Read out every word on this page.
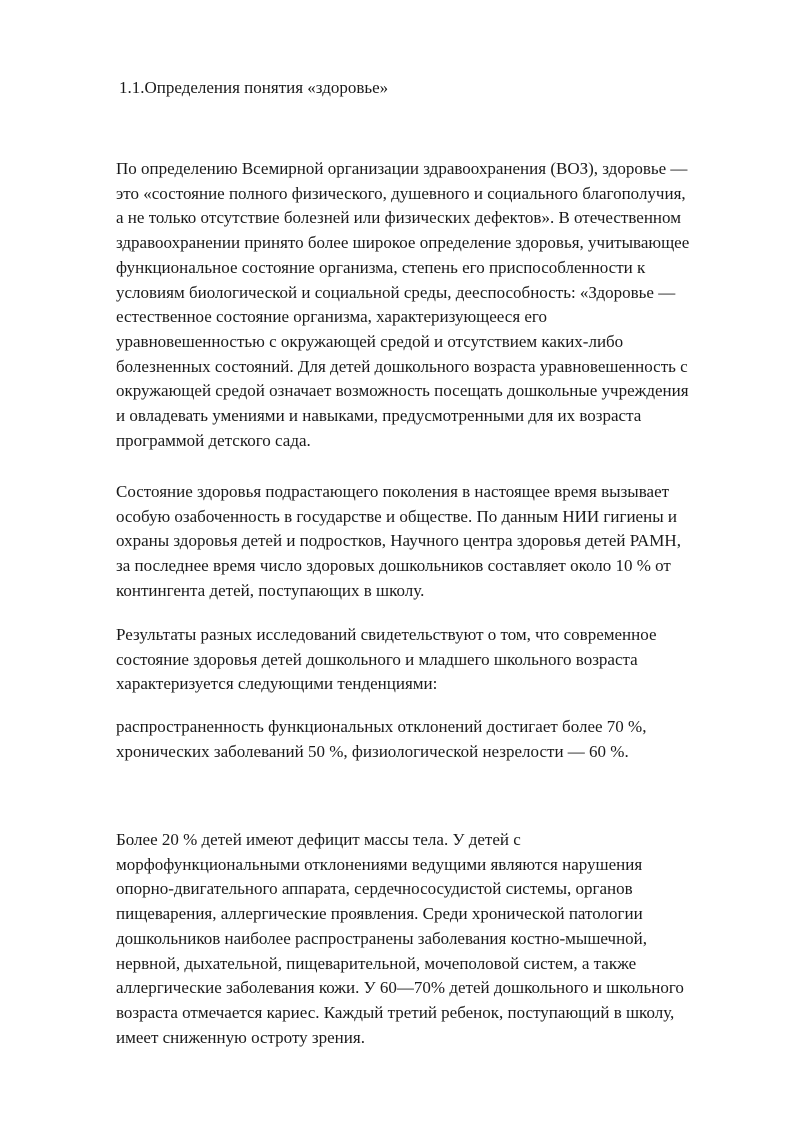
1.1.Определения понятия «здоровье»

По определению Всемирной организации здравоохранения (ВОЗ), здоровье —
это «состояние полного физического, душевного и социального благополучия,
а не только отсутствие болезней или физических дефектов». В отечественном
здравоохранении принято более широкое определение здоровья, учитывающее
функциональное состояние организма, степень его приспособленности к
условиям биологической и социальной среды, дееспособность: «Здоровье —
естественное состояние организма, характеризующееся его
уравновешенностью с окружающей средой и отсутствием каких-либо
болезненных состояний. Для детей дошкольного возраста уравновешенность с
окружающей средой означает возможность посещать дошкольные учреждения
и овладевать умениями и навыками, предусмотренными для их возраста
программой детского сада.

Состояние здоровья подрастающего поколения в настоящее время вызывает
особую озабоченность в государстве и обществе. По данным НИИ гигиены и
охраны здоровья детей и подростков, Научного центра здоровья детей РАМН,
за последнее время число здоровых дошкольников составляет около 10 % от
контингента детей, поступающих в школу.

Результаты разных исследований свидетельствуют о том, что современное
состояние здоровья детей дошкольного и младшего школьного возраста
характеризуется следующими тенденциями:

распространенность функциональных отклонений достигает более 70 %,
хронических заболеваний 50 %, физиологической незрелости — 60 %.

Более 20 % детей имеют дефицит массы тела. У детей с
морфофункциональными отклонениями ведущими являются нарушения
опорно-двигательного аппарата, сердечнососудистой системы, органов
пищеварения, аллергические проявления. Среди хронической патологии
дошкольников наиболее распространены заболевания костно-мышечной,
нервной, дыхательной, пищеварительной, мочеполовой систем, а также
аллергические заболевания кожи. У 60—70% детей дошкольного и школьного
возраста отмечается кариес. Каждый третий ребенок, поступающий в школу,
имеет сниженную остроту зрения.
